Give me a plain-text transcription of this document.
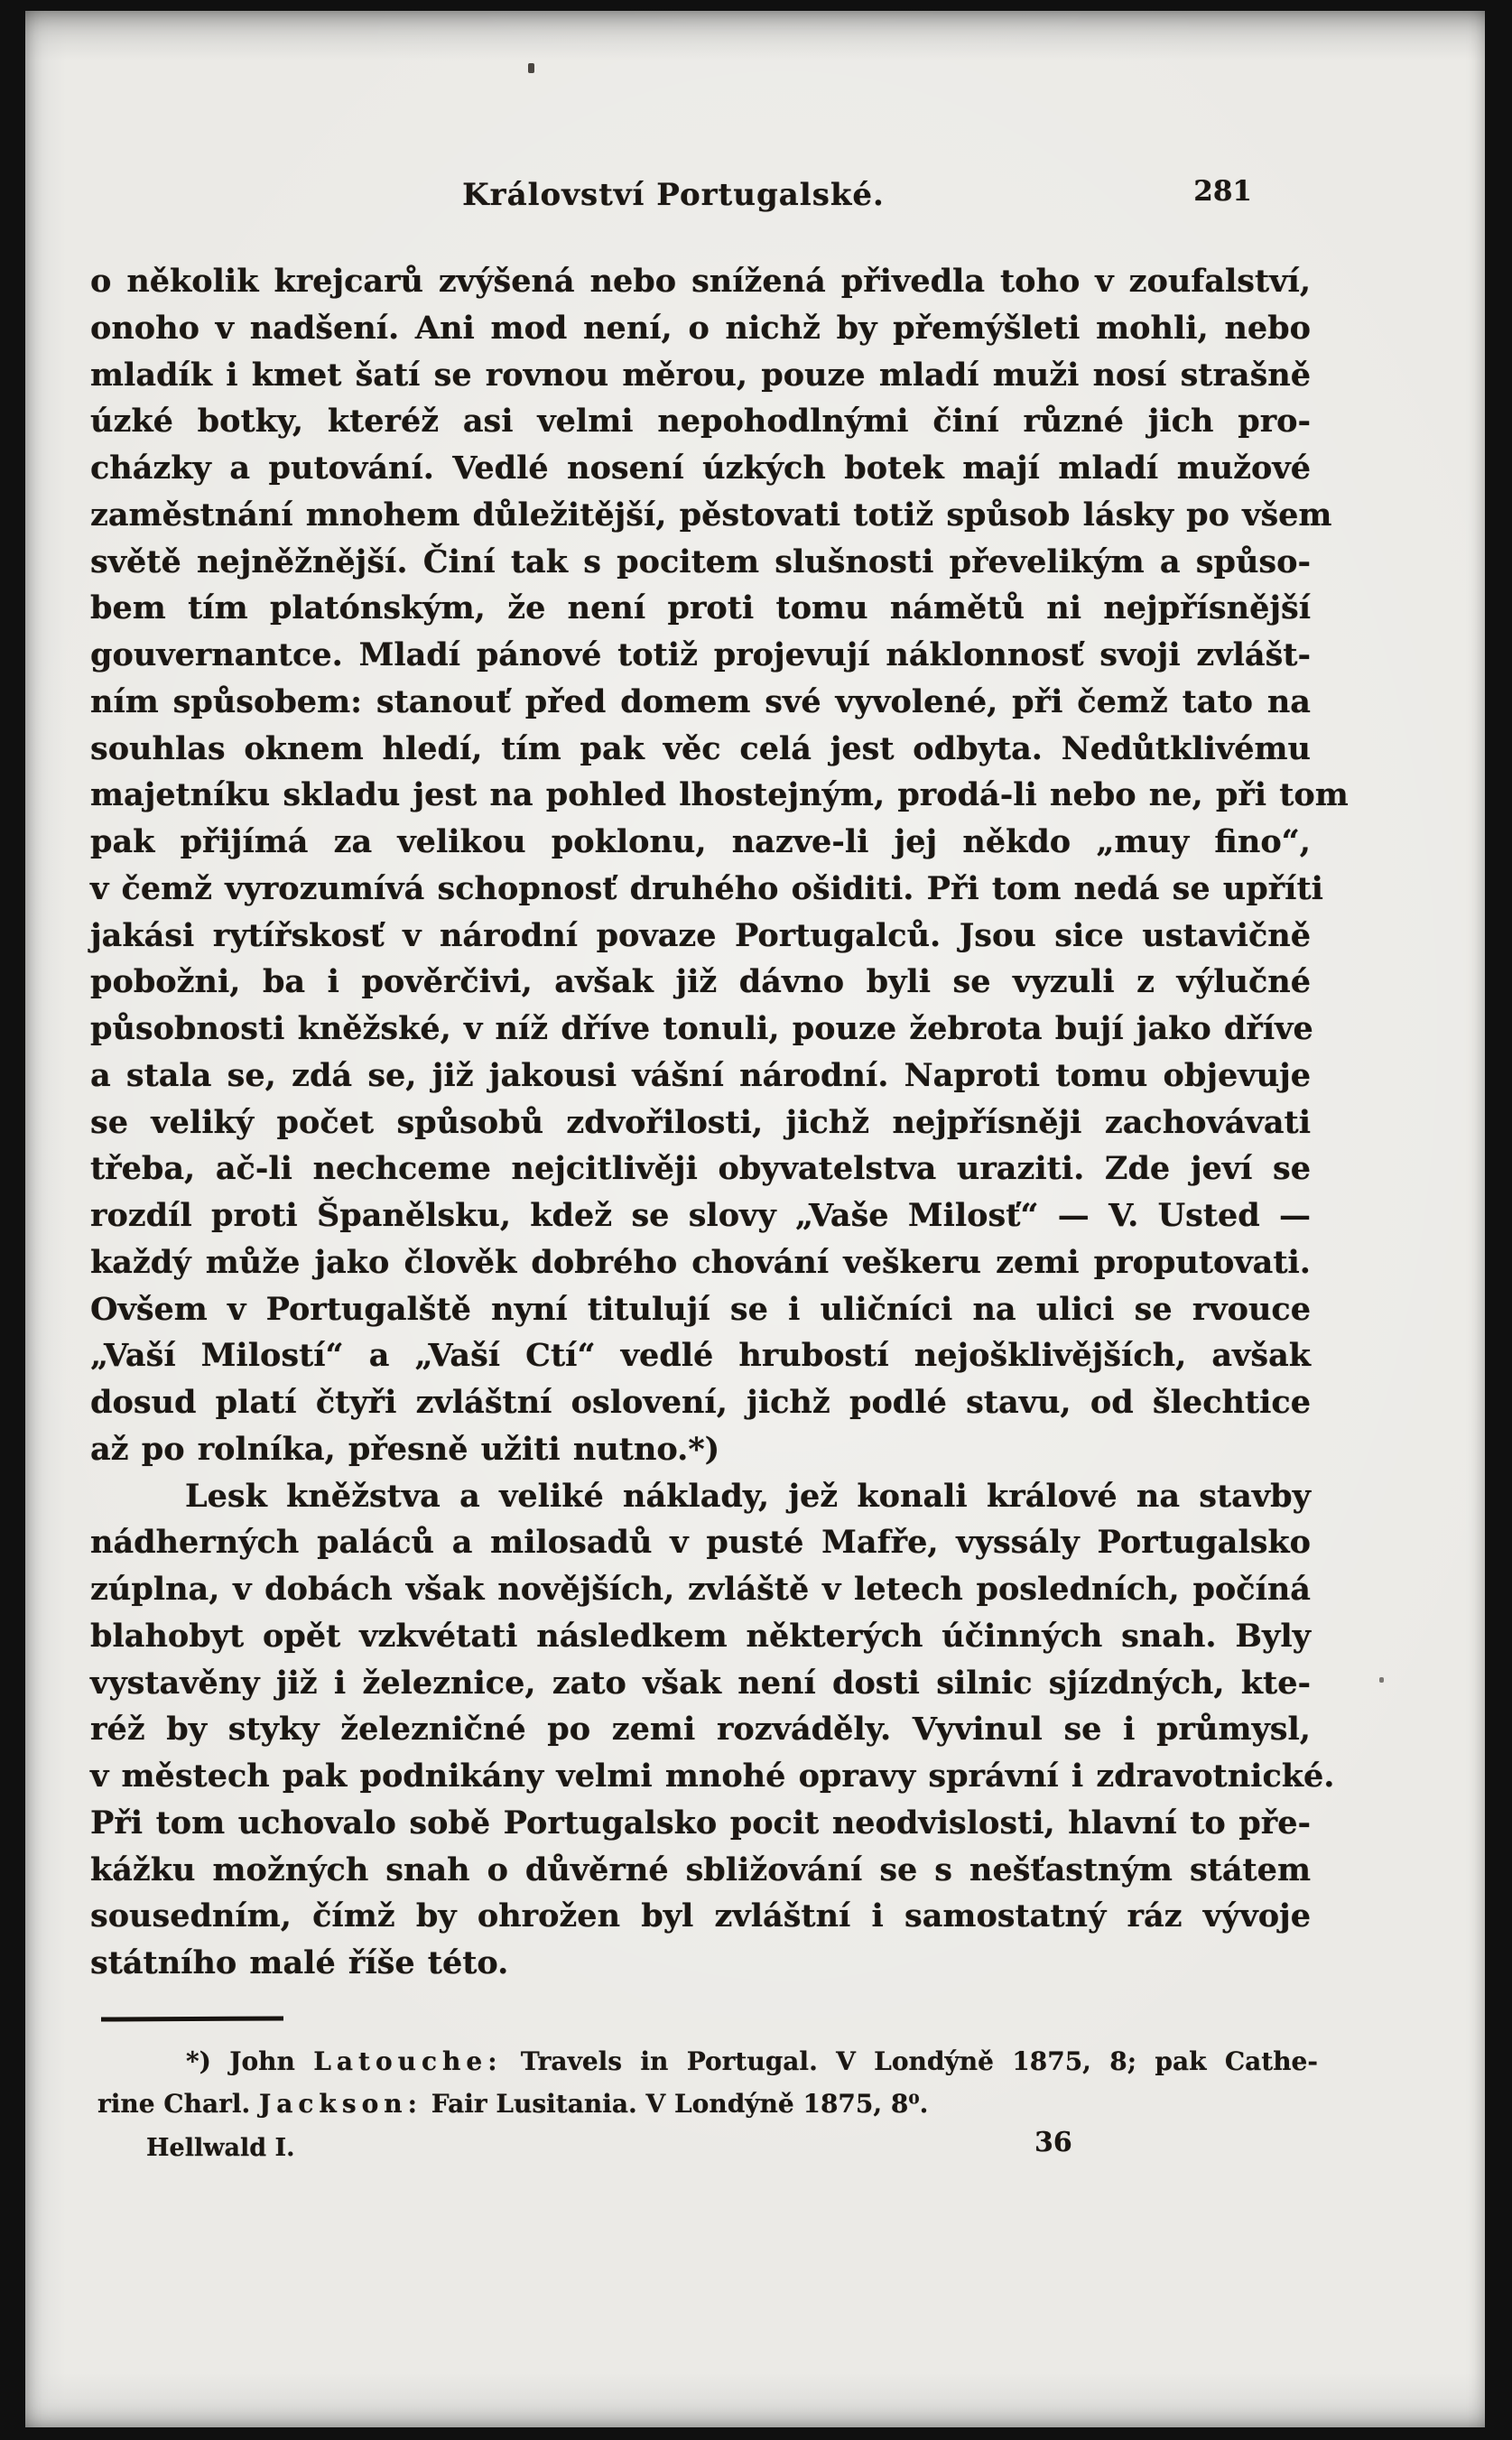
Království Portugalské.	281
o několik krejcarů zvýšená nebo snížená přivedla toho v zoufalství,
onoho v nadšení. Ani mod není, o nichž by přemýšleti mohli, nebo
mladík i kmet šatí se rovnou měrou, pouze mladí muži nosí strašně
úzké botky, kteréž asi velmi nepohodlnými činí různé jich pro-
cházky a putování. Vedlé nosení úzkých botek mají mladí mužové
zaměstnání mnohem důležitější, pěstovati totiž spůsob lásky po všem
světě nejněžnější. Činí tak s pocitem slušnosti převelikým a spůso-
bem tím platónským, že není proti tomu námětů ni nejpřísnější
gouvernantce. Mladí pánové totiž projevují náklonnosť svoji zvlášt-
ním spůsobem: stanouť před domem své vyvolené, při čemž tato na
souhlas oknem hledí, tím pak věc celá jest odbyta. Nedůtklivému
majetníku skladu jest na pohled lhostejným, prodá-li nebo ne, při tom
pak přijímá za velikou poklonu, nazve-li jej někdo „muy fino“,
v čemž vyrozumívá schopnosť druhého ošiditi. Při tom nedá se upříti
jakási rytířskosť v národní povaze Portugalců. Jsou sice ustavičně
pobožni, ba i pověrčivi, avšak již dávno byli se vyzuli z výlučné
působnosti kněžské, v níž dříve tonuli, pouze žebrota bují jako dříve
a stala se, zdá se, již jakousi vášní národní. Naproti tomu objevuje
se veliký počet spůsobů zdvořilosti, jichž nejpřísněji zachovávati
třeba, ač-li nechceme nejcitlivěji obyvatelstva uraziti. Zde jeví se
rozdíl proti Španělsku, kdež se slovy „Vaše Milosť“ — V. Usted —
každý může jako člověk dobrého chování veškeru zemi proputovati.
Ovšem v Portugalště nyní titulují se i uličníci na ulici se rvouce
„Vaší Milostí“ a „Vaší Ctí“ vedlé hrubostí nejošklivějších, avšak
dosud platí čtyři zvláštní oslovení, jichž podlé stavu, od šlechtice
až po rolníka, přesně užiti nutno.*)
Lesk kněžstva a veliké náklady, jež konali králové na stavby
nádherných paláců a milosadů v pusté Mafře, vyssály Portugalsko
zúplna, v dobách však novějších, zvláště v letech posledních, počíná
blahobyt opět vzkvétati následkem některých účinných snah. Byly
vystavěny již i železnice, zato však není dosti silnic sjízdných, kte-
réž by styky železničné po zemi rozváděly. Vyvinul se i průmysl,
v městech pak podnikány velmi mnohé opravy správní i zdravotnické.
Při tom uchovalo sobě Portugalsko pocit neodvislosti, hlavní to pře-
kážku možných snah o důvěrné sbližování se s nešťastným státem
sousedním, čímž by ohrožen byl zvláštní i samostatný ráz vývoje
státního malé říše této.
*) John Latouche: Travels in Portugal. V Londýně 1875, 8; pak Cathe-
rine Charl. Jackson: Fair Lusitania. V Londýně 1875, 8⁰.
Hellwald I.	36
